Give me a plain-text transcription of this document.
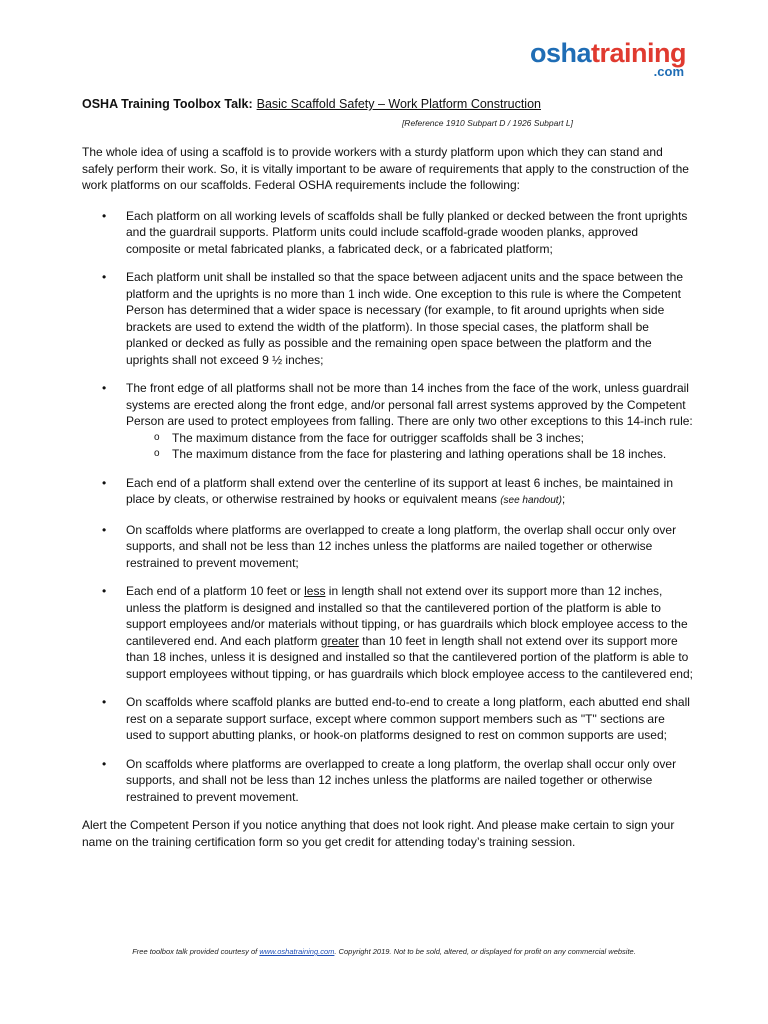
oshatraining
.com
OSHA Training Toolbox Talk: Basic Scaffold Safety – Work Platform Construction
[Reference 1910 Subpart D / 1926 Subpart L]

The whole idea of using a scaffold is to provide workers with a sturdy platform upon which they can stand and safely perform their work. So, it is vitally important to be aware of requirements that apply to the construction of the work platforms on our scaffolds. Federal OSHA requirements include the following:

• Each platform on all working levels of scaffolds shall be fully planked or decked between the front uprights and the guardrail supports. Platform units could include scaffold-grade wooden planks, approved composite or metal fabricated planks, a fabricated deck, or a fabricated platform;
• Each platform unit shall be installed so that the space between adjacent units and the space between the platform and the uprights is no more than 1 inch wide. One exception to this rule is where the Competent Person has determined that a wider space is necessary (for example, to fit around uprights when side brackets are used to extend the width of the platform). In those special cases, the platform shall be planked or decked as fully as possible and the remaining open space between the platform and the uprights shall not exceed 9 ½ inches;
• The front edge of all platforms shall not be more than 14 inches from the face of the work, unless guardrail systems are erected along the front edge, and/or personal fall arrest systems approved by the Competent Person are used to protect employees from falling. There are only two other exceptions to this 14-inch rule:
o The maximum distance from the face for outrigger scaffolds shall be 3 inches;
o The maximum distance from the face for plastering and lathing operations shall be 18 inches.
• Each end of a platform shall extend over the centerline of its support at least 6 inches, be maintained in place by cleats, or otherwise restrained by hooks or equivalent means (see handout);
• On scaffolds where platforms are overlapped to create a long platform, the overlap shall occur only over supports, and shall not be less than 12 inches unless the platforms are nailed together or otherwise restrained to prevent movement;
• Each end of a platform 10 feet or less in length shall not extend over its support more than 12 inches, unless the platform is designed and installed so that the cantilevered portion of the platform is able to support employees and/or materials without tipping, or has guardrails which block employee access to the cantilevered end. And each platform greater than 10 feet in length shall not extend over its support more than 18 inches, unless it is designed and installed so that the cantilevered portion of the platform is able to support employees without tipping, or has guardrails which block employee access to the cantilevered end;
• On scaffolds where scaffold planks are butted end-to-end to create a long platform, each abutted end shall rest on a separate support surface, except where common support members such as "T" sections are used to support abutting planks, or hook-on platforms designed to rest on common supports are used;
• On scaffolds where platforms are overlapped to create a long platform, the overlap shall occur only over supports, and shall not be less than 12 inches unless the platforms are nailed together or otherwise restrained to prevent movement.

Alert the Competent Person if you notice anything that does not look right. And please make certain to sign your name on the training certification form so you get credit for attending today’s training session.

Free toolbox talk provided courtesy of www.oshatraining.com. Copyright 2019. Not to be sold, altered, or displayed for profit on any commercial website.
